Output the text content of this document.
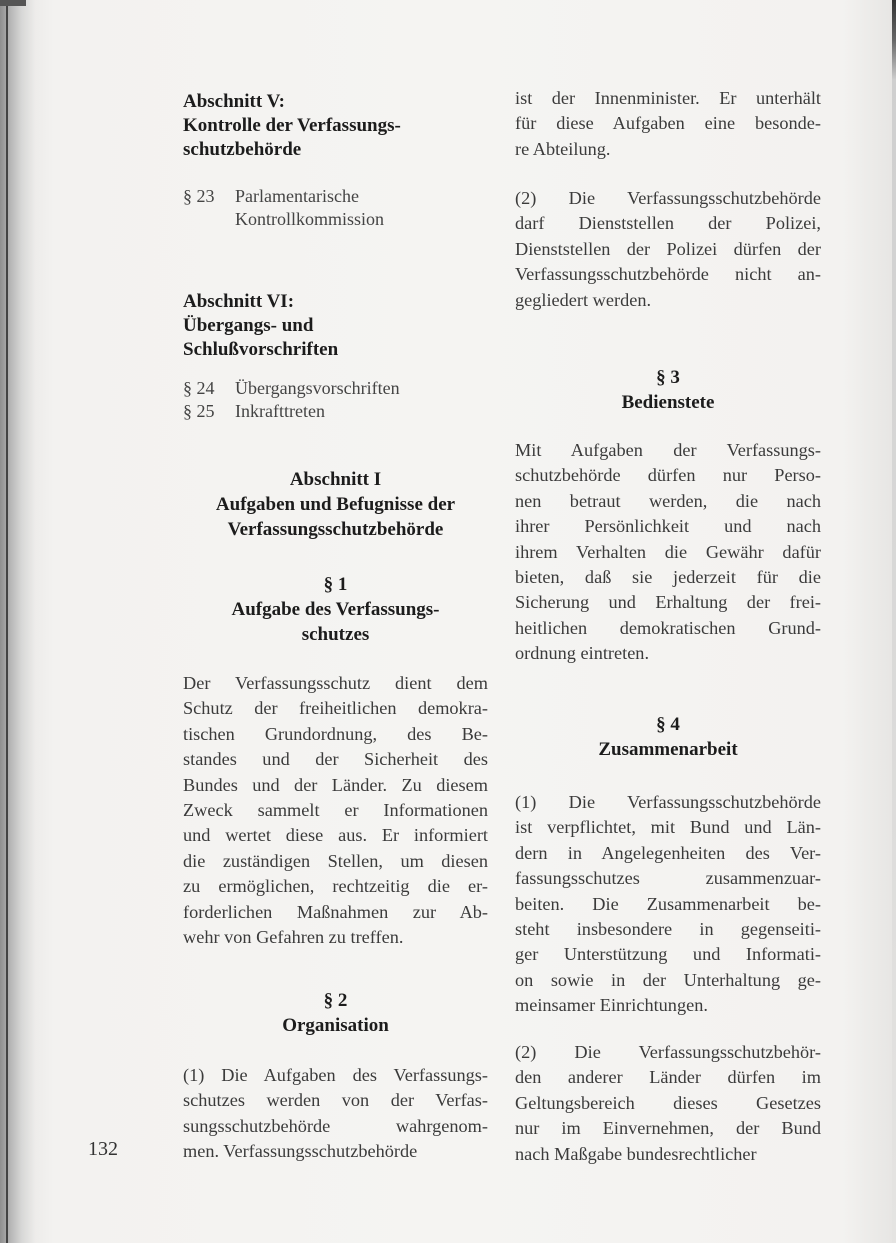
Abschnitt V:
Kontrolle der Verfassungs-
schutzbehörde
§ 23	Parlamentarische
Kontrollkommission
Abschnitt VI:
Übergangs- und
Schlußvorschriften
§ 24	Übergangsvorschriften
§ 25	Inkrafttreten
Abschnitt I
Aufgaben und Befugnisse der
Verfassungsschutzbehörde
§ 1
Aufgabe des Verfassungs-
schutzes

Der Verfassungsschutz dient dem

Schutz der freiheitlichen demokra-

tischen Grundordnung, des Be-

standes und der Sicherheit des

Bundes und der Länder. Zu diesem

Zweck sammelt er Informationen

und wertet diese aus. Er informiert

die zuständigen Stellen, um diesen

zu ermöglichen, rechtzeitig die er-

forderlichen Maßnahmen zur Ab-

wehr von Gefahren zu treffen.

§ 2
Organisation

(1) Die Aufgaben des Verfassungs-

schutzes werden von der Verfas-

sungsschutzbehörde wahrgenom-

men. Verfassungsschutzbehörde

132

ist der Innenminister. Er unterhält

für diese Aufgaben eine besonde-

re Abteilung.

(2) Die Verfassungsschutzbehörde

darf Dienststellen der Polizei,

Dienststellen der Polizei dürfen der

Verfassungsschutzbehörde nicht an-

gegliedert werden.

§ 3
Bedienstete

Mit Aufgaben der Verfassungs-

schutzbehörde dürfen nur Perso-

nen betraut werden, die nach

ihrer Persönlichkeit und nach

ihrem Verhalten die Gewähr dafür

bieten, daß sie jederzeit für die

Sicherung und Erhaltung der frei-

heitlichen demokratischen Grund-

ordnung eintreten.

§ 4
Zusammenarbeit

(1) Die Verfassungsschutzbehörde

ist verpflichtet, mit Bund und Län-

dern in Angelegenheiten des Ver-

fassungsschutzes zusammenzuar-

beiten. Die Zusammenarbeit be-

steht insbesondere in gegenseiti-

ger Unterstützung und Informati-

on sowie in der Unterhaltung ge-

meinsamer Einrichtungen.

(2) Die Verfassungsschutzbehör-

den anderer Länder dürfen im

Geltungsbereich dieses Gesetzes

nur im Einvernehmen, der Bund

nach Maßgabe bundesrechtlicher
